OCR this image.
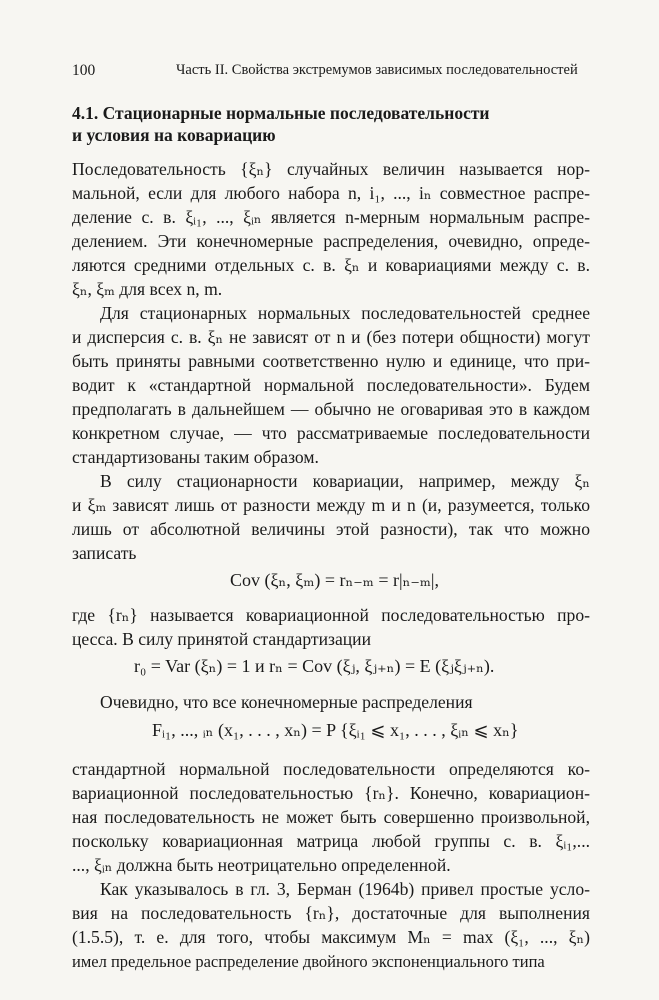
100	Часть II. Свойства экстремумов зависимых последовательностей
4.1. Стационарные нормальные последовательности
и условия на ковариацию
Последовательность {ξₙ} случайных величин называется нор-
мальной, если для любого набора n, i₁, ..., iₙ совместное распре-
деление с. в. ξᵢ₁, ..., ξᵢₙ является n-мерным нормальным распре-
делением. Эти конечномерные распределения, очевидно, опреде-
ляются средними отдельных с. в. ξₙ и ковариациями между с. в.
ξₙ, ξₘ для всех n, m.
Для стационарных нормальных последовательностей среднее
и дисперсия с. в. ξₙ не зависят от n и (без потери общности) могут
быть приняты равными соответственно нулю и единице, что при-
водит к «стандартной нормальной последовательности». Будем
предполагать в дальнейшем — обычно не оговаривая это в каждом
конкретном случае, — что рассматриваемые последовательности
стандартизованы таким образом.
В силу стационарности ковариации, например, между ξₙ
и ξₘ зависят лишь от разности между m и n (и, разумеется, только
лишь от абсолютной величины этой разности), так что можно
записать
Cov (ξₙ, ξₘ) = rₙ₋ₘ = r|ₙ₋ₘ|,
где {rₙ} называется ковариационной последовательностью про-
цесса. В силу принятой стандартизации
r₀ = Var (ξₙ) = 1 и rₙ = Cov (ξⱼ, ξⱼ₊ₙ) = E (ξⱼξⱼ₊ₙ).
Очевидно, что все конечномерные распределения
Fᵢ₁, ..., ᵢₙ (x₁, . . . , xₙ) = P {ξᵢ₁ ⩽ x₁, . . . , ξᵢₙ ⩽ xₙ}
стандартной нормальной последовательности определяются ко-
вариационной последовательностью {rₙ}. Конечно, ковариацион-
ная последовательность не может быть совершенно произвольной,
поскольку ковариационная матрица любой группы с. в. ξᵢ₁,...
..., ξᵢₙ должна быть неотрицательно определенной.
Как указывалось в гл. 3, Берман (1964b) привел простые усло-
вия на последовательность {rₙ}, достаточные для выполнения
(1.5.5), т. е. для того, чтобы максимум Mₙ = max (ξ₁, ..., ξₙ)
имел предельное распределение двойного экспоненциального типа
